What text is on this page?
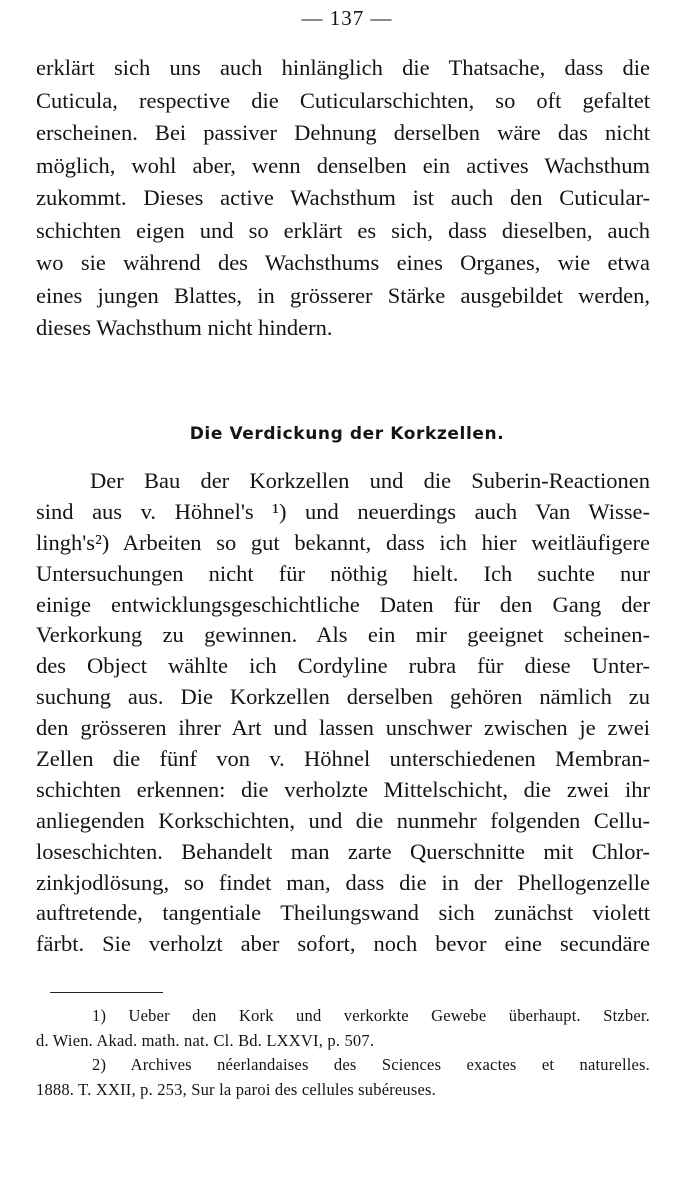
— 137 —
erklärt sich uns auch hinlänglich die Thatsache, dass die
Cuticula, respective die Cuticularschichten, so oft gefaltet
erscheinen. Bei passiver Dehnung derselben wäre das nicht
möglich, wohl aber, wenn denselben ein actives Wachsthum
zukommt. Dieses active Wachsthum ist auch den Cuticular-
schichten eigen und so erklärt es sich, dass dieselben, auch
wo sie während des Wachsthums eines Organes, wie etwa
eines jungen Blattes, in grösserer Stärke ausgebildet werden,
dieses Wachsthum nicht hindern.
Die Verdickung der Korkzellen.
Der Bau der Korkzellen und die Suberin-Reactionen
sind aus v. Höhnel's ¹) und neuerdings auch Van Wisse-
lingh's²) Arbeiten so gut bekannt, dass ich hier weitläufigere
Untersuchungen nicht für nöthig hielt. Ich suchte nur
einige entwicklungsgeschichtliche Daten für den Gang der
Verkorkung zu gewinnen. Als ein mir geeignet scheinen-
des Object wählte ich Cordyline rubra für diese Unter-
suchung aus. Die Korkzellen derselben gehören nämlich zu
den grösseren ihrer Art und lassen unschwer zwischen je zwei
Zellen die fünf von v. Höhnel unterschiedenen Membran-
schichten erkennen: die verholzte Mittelschicht, die zwei ihr
anliegenden Korkschichten, und die nunmehr folgenden Cellu-
loseschichten. Behandelt man zarte Querschnitte mit Chlor-
zinkjodlösung, so findet man, dass die in der Phellogenzelle
auftretende, tangentiale Theilungswand sich zunächst violett
färbt. Sie verholzt aber sofort, noch bevor eine secundäre
1) Ueber den Kork und verkorkte Gewebe überhaupt. Stzber.
d. Wien. Akad. math. nat. Cl. Bd. LXXVI, p. 507.
2) Archives néerlandaises des Sciences exactes et naturelles.
1888. T. XXII, p. 253, Sur la paroi des cellules subéreuses.
